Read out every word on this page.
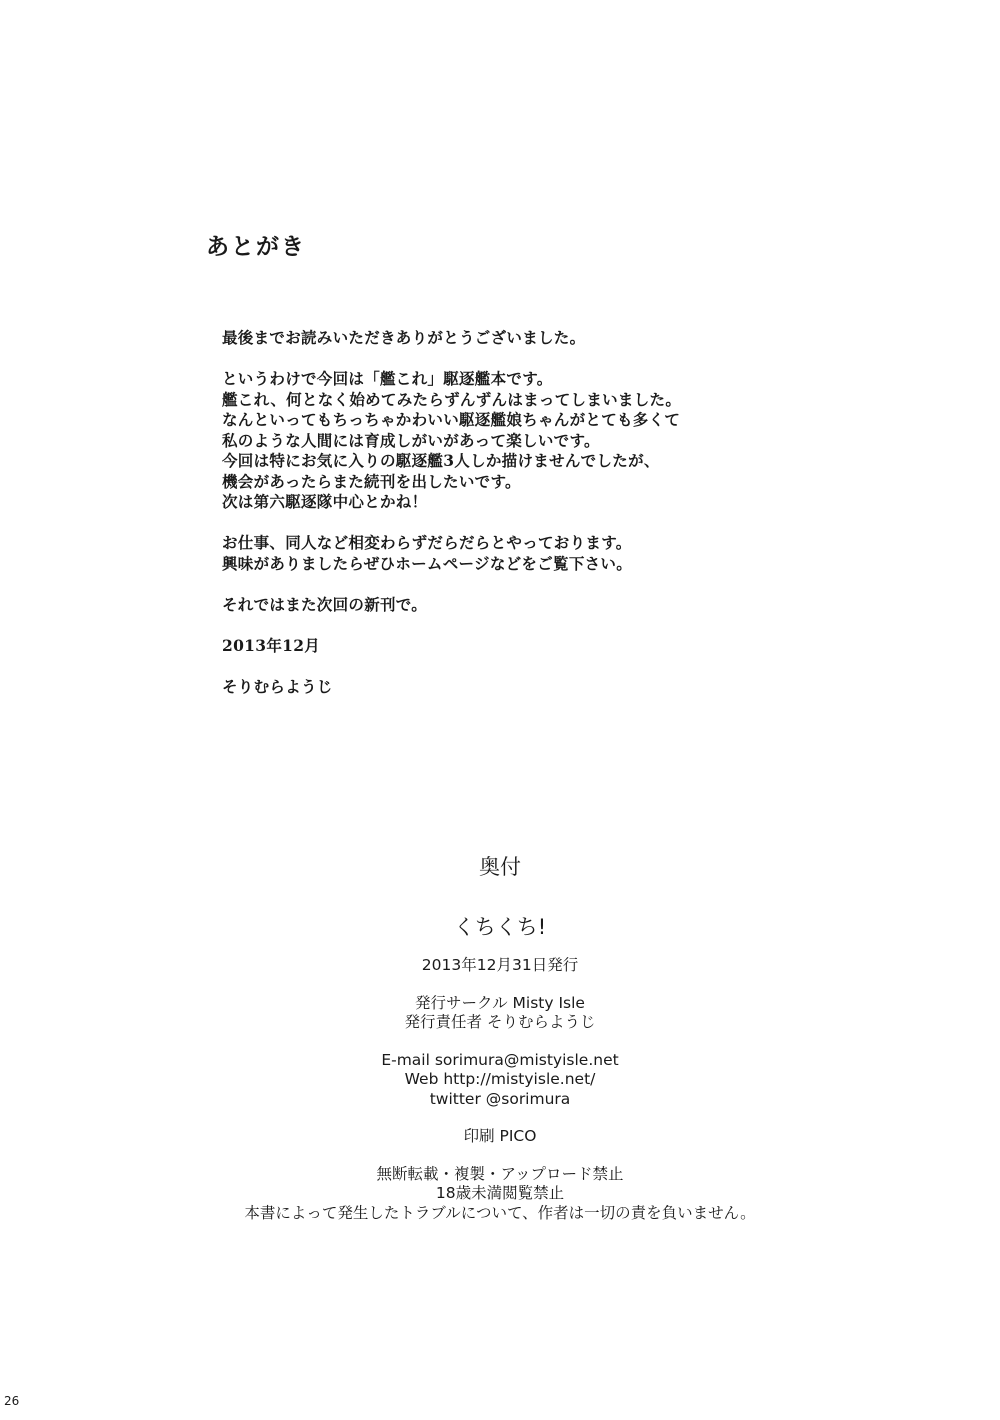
あとがき

最後までお読みいただきありがとうございました。

というわけで今回は「艦これ」駆逐艦本です。
艦これ、何となく始めてみたらずんずんはまってしまいました。
なんといってもちっちゃかわいい駆逐艦娘ちゃんがとても多くて
私のような人間には育成しがいがあって楽しいです。
今回は特にお気に入りの駆逐艦3人しか描けませんでしたが、
機会があったらまた続刊を出したいです。
次は第六駆逐隊中心とかね！

お仕事、同人など相変わらずだらだらとやっております。
興味がありましたらぜひホームページなどをご覧下さい。

それではまた次回の新刊で。

2013年12月

そりむらようじ

奥付
くちくち!
2013年12月31日発行
発行サークル Misty Isle
発行責任者 そりむらようじ
E-mail sorimura@mistyisle.net
Web http://mistyisle.net/
twitter @sorimura
印刷 PICO
無断転載・複製・アップロード禁止
18歳未満閲覧禁止
本書によって発生したトラブルについて、作者は一切の責を負いません。
26
